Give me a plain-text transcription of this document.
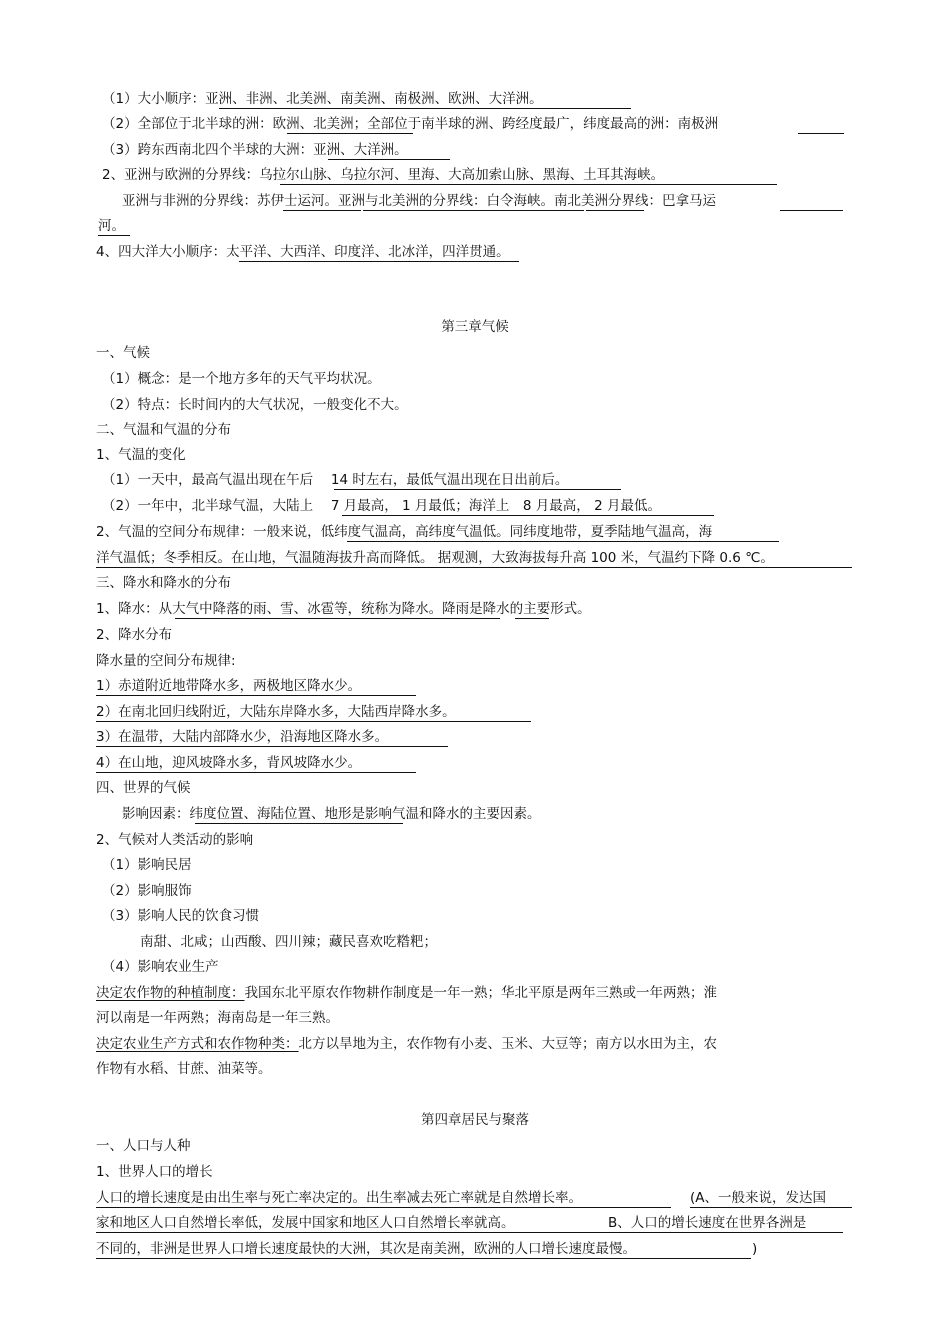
（1）大小顺序：亚洲、非洲、北美洲、南美洲、南极洲、欧洲、大洋洲。
（2）全部位于北半球的洲：欧洲、北美洲；全部位于南半球的洲、跨经度最广，纬度最高的洲：南极洲
（3）跨东西南北四个半球的大洲：亚洲、大洋洲。
2、亚洲与欧洲的分界线：乌拉尔山脉、乌拉尔河、里海、大高加索山脉、黑海、土耳其海峡。
亚洲与非洲的分界线：苏伊士运河。亚洲与北美洲的分界线：白令海峡。南北美洲分界线：巴拿马运
河。
4、四大洋大小顺序：太平洋、大西洋、印度洋、北冰洋，四洋贯通。
第三章气候
一、气候
（1）概念：是一个地方多年的天气平均状况。
（2）特点：长时间内的大气状况，一般变化不大。
二、气温和气温的分布
1、气温的变化
（1）一天中，最高气温出现在午后　 14 时左右，最低气温出现在日出前后。
（2）一年中，北半球气温，大陆上　 7 月最高， 1 月最低；海洋上　8 月最高， 2 月最低。
2、气温的空间分布规律：一般来说，低纬度气温高，高纬度气温低。同纬度地带，夏季陆地气温高，海
洋气温低；冬季相反。在山地，气温随海拔升高而降低。 据观测，大致海拔每升高 100 米，气温约下降 0.6 ℃。
三、降水和降水的分布
1、降水：从大气中降落的雨、雪、冰雹等，统称为降水。降雨是降水的主要形式。
2、降水分布
降水量的空间分布规律:
1）赤道附近地带降水多，两极地区降水少。
2）在南北回归线附近，大陆东岸降水多，大陆西岸降水多。
3）在温带，大陆内部降水少，沿海地区降水多。
4）在山地，迎风坡降水多，背风坡降水少。
四、世界的气候
影响因素：纬度位置、海陆位置、地形是影响气温和降水的主要因素。
2、气候对人类活动的影响
（1）影响民居
（2）影响服饰
（3）影响人民的饮食习惯
南甜、北咸；山西酸、四川辣；藏民喜欢吃糌粑；
（4）影响农业生产
决定农作物的种植制度：我国东北平原农作物耕作制度是一年一熟；华北平原是两年三熟或一年两熟；淮
河以南是一年两熟；海南岛是一年三熟。
决定农业生产方式和农作物种类：北方以旱地为主，农作物有小麦、玉米、大豆等；南方以水田为主，农
作物有水稻、甘蔗、油菜等。
第四章居民与聚落
一、人口与人种
1、世界人口的增长
人口的增长速度是由出生率与死亡率决定的。出生率减去死亡率就是自然增长率。	(A、一般来说，发达国
家和地区人口自然增长率低，发展中国家和地区人口自然增长率就高。	B、人口的增长速度在世界各洲是
不同的，非洲是世界人口增长速度最快的大洲，其次是南美洲，欧洲的人口增长速度最慢。	)
